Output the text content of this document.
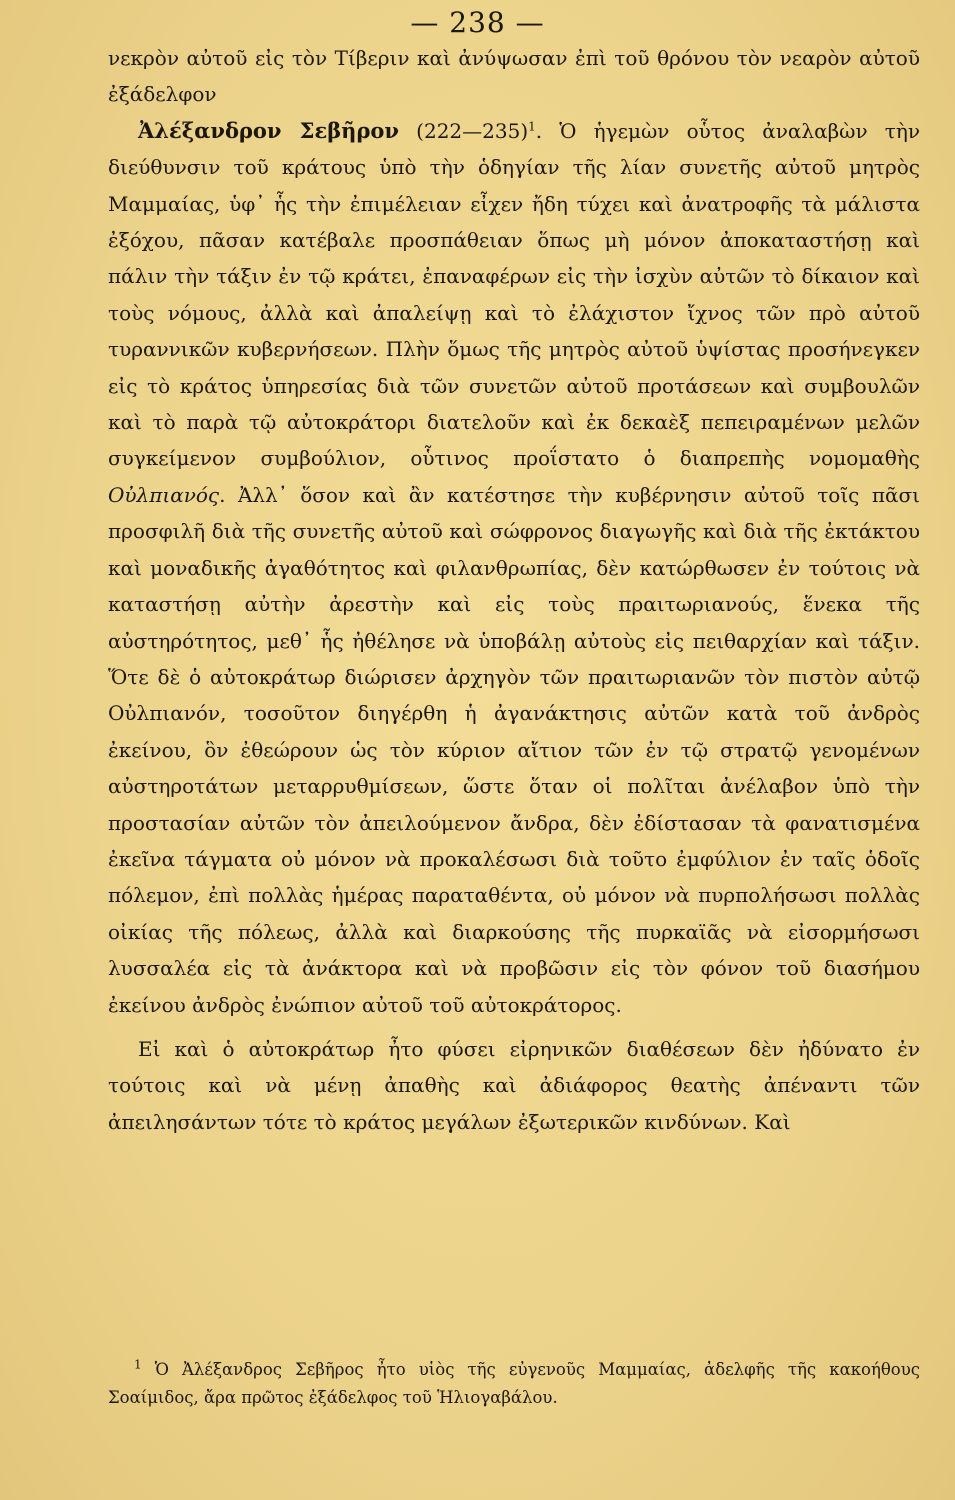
— 238 —

νεκρὸν αὐτοῦ εἰς τὸν Τίβεριν καὶ ἀνύψωσαν ἐπὶ τοῦ θρόνου τὸν νεαρὸν αὐτοῦ ἐξάδελφον

Ἀλέξανδρον Σεβῆρον (222—235)$^1$. Ὁ ἡγεμὼν οὗτος ἀναλαβὼν τὴν διεύθυνσιν τοῦ κράτους ὑπὸ τὴν ὁδηγίαν τῆς λίαν συνετῆς αὐτοῦ μητρὸς Μαμμαίας, ὑφ᾽ ἧς τὴν ἐπιμέλειαν εἶχεν ἤδη τύχει καὶ ἀνατροφῆς τὰ μάλιστα ἐξόχου, πᾶσαν κατέβαλε προσπάθειαν ὅπως μὴ μόνον ἀποκαταστήσῃ καὶ πάλιν τὴν τάξιν ἐν τῷ κράτει, ἐπαναφέρων εἰς τὴν ἰσχὺν αὐτῶν τὸ δίκαιον καὶ τοὺς νόμους, ἀλλὰ καὶ ἀπαλείψῃ καὶ τὸ ἐλάχιστον ἴχνος τῶν πρὸ αὐτοῦ τυραννικῶν κυβερνήσεων. Πλὴν ὅμως τῆς μητρὸς αὐτοῦ ὑψίστας προσήνεγκεν εἰς τὸ κράτος ὑπηρεσίας διὰ τῶν συνετῶν αὐτοῦ προτάσεων καὶ συμβουλῶν καὶ τὸ παρὰ τῷ αὐτοκράτορι διατελοῦν καὶ ἐκ δεκαὲξ πεπειραμένων μελῶν συγκείμενον συμβούλιον, οὗτινος προΐστατο ὁ διαπρεπὴς νομομαθὴς Οὐλπιανός. Ἀλλ᾽ ὅσον καὶ ἂν κατέστησε τὴν κυβέρνησιν αὐτοῦ τοῖς πᾶσι προσφιλῆ διὰ τῆς συνετῆς αὐτοῦ καὶ σώφρονος διαγωγῆς καὶ διὰ τῆς ἐκτάκτου καὶ μοναδικῆς ἀγαθότητος καὶ φιλανθρωπίας, δὲν κατώρθωσεν ἐν τούτοις νὰ καταστήσῃ αὐτὴν ἀρεστὴν καὶ εἰς τοὺς πραιτωριανούς, ἕνεκα τῆς αὐστηρότητος, μεθ᾽ ἧς ἠθέλησε νὰ ὑποβάλῃ αὐτοὺς εἰς πειθαρχίαν καὶ τάξιν. Ὅτε δὲ ὁ αὐτοκράτωρ διώρισεν ἀρχηγὸν τῶν πραιτωριανῶν τὸν πιστὸν αὐτῷ Οὐλπιανόν, τοσοῦτον διηγέρθη ἡ ἀγανάκτησις αὐτῶν κατὰ τοῦ ἀνδρὸς ἐκείνου, ὃν ἐθεώρουν ὡς τὸν κύριον αἴτιον τῶν ἐν τῷ στρατῷ γενομένων αὐστηροτάτων μεταρρυθμίσεων, ὥστε ὅταν οἱ πολῖται ἀνέλαβον ὑπὸ τὴν προστασίαν αὐτῶν τὸν ἀπειλούμενον ἄνδρα, δὲν ἐδίστασαν τὰ φανατισμένα ἐκεῖνα τάγματα οὐ μόνον νὰ προκαλέσωσι διὰ τοῦτο ἐμφύλιον ἐν ταῖς ὁδοῖς πόλεμον, ἐπὶ πολλὰς ἡμέρας παραταθέντα, οὐ μόνον νὰ πυρπολήσωσι πολλὰς οἰκίας τῆς πόλεως, ἀλλὰ καὶ διαρκούσης τῆς πυρκαϊᾶς νὰ εἰσορμήσωσι λυσσαλέα εἰς τὰ ἀνάκτορα καὶ νὰ προβῶσιν εἰς τὸν φόνον τοῦ διασήμου ἐκείνου ἀνδρὸς ἐνώπιον αὐτοῦ τοῦ αὐτοκράτορος.

Εἰ καὶ ὁ αὐτοκράτωρ ἦτο φύσει εἰρηνικῶν διαθέσεων δὲν ἠδύνατο ἐν τούτοις καὶ νὰ μένῃ ἀπαθὴς καὶ ἀδιάφορος θεατὴς ἀπέναντι τῶν ἀπειλησάντων τότε τὸ κράτος μεγάλων ἐξωτερικῶν κινδύνων. Καὶ

$^1$ Ὁ Ἀλέξανδρος Σεβῆρος ἦτο υἱὸς τῆς εὐγενοῦς Μαμμαίας, ἀδελφῆς τῆς κακοήθους Σοαίμιδος, ἄρα πρῶτος ἐξάδελφος τοῦ Ἡλιογαβάλου.
